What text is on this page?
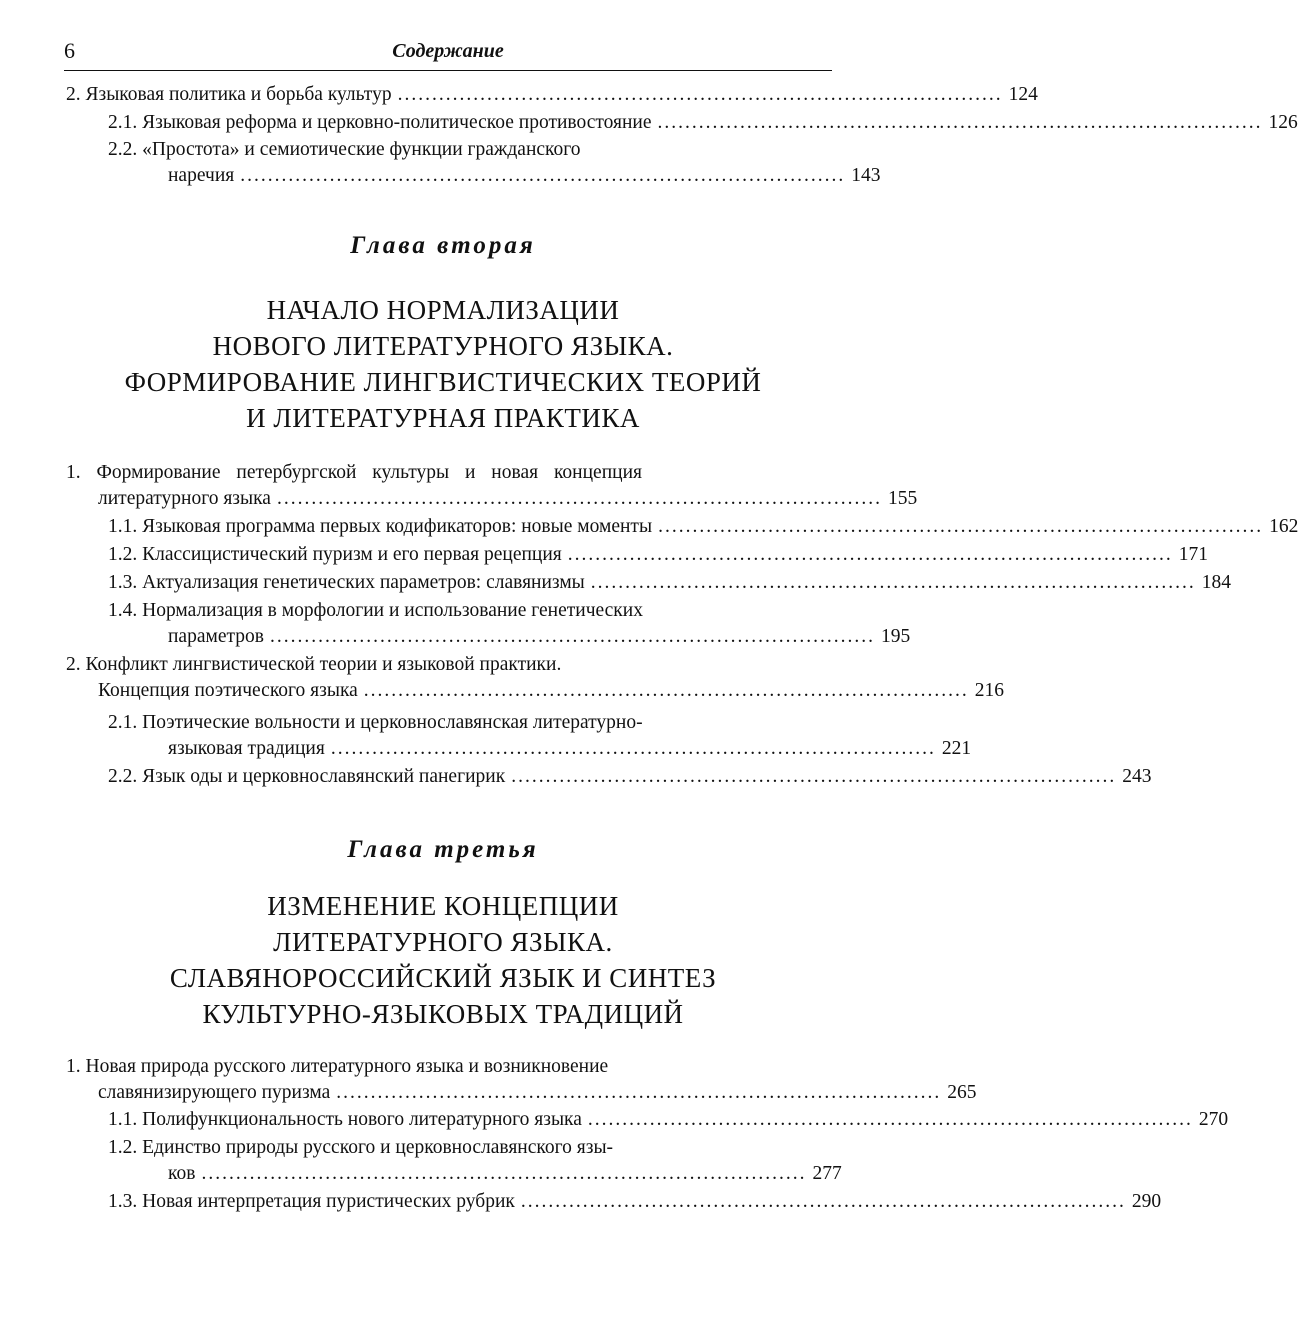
6	Содержание
2. Языковая политика и борьба культур ........................................................................................ 124
2.1. Языковая реформа и церковно-политическое противостояние ........................................................................................ 126
2.2. «Простота» и семиотические функции гражданского
наречия ........................................................................................ 143
Глава вторая
НАЧАЛО НОРМАЛИЗАЦИИ
НОВОГО ЛИТЕРАТУРНОГО ЯЗЫКА.
ФОРМИРОВАНИЕ ЛИНГВИСТИЧЕСКИХ ТЕОРИЙ
И ЛИТЕРАТУРНАЯ ПРАКТИКА
1. Формирование петербургской культуры и новая концепция
литературного языка ........................................................................................ 155
1.1. Языковая программа первых кодификаторов: новые моменты ........................................................................................ 162
1.2. Классицистический пуризм и его первая рецепция ........................................................................................ 171
1.3. Актуализация генетических параметров: славянизмы ........................................................................................ 184
1.4. Нормализация в морфологии и использование генетических
параметров ........................................................................................ 195
2. Конфликт лингвистической теории и языковой практики.
Концепция поэтического языка ........................................................................................ 216
2.1. Поэтические вольности и церковнославянская литературно-
языковая традиция ........................................................................................ 221
2.2. Язык оды и церковнославянский панегирик ........................................................................................ 243
Глава третья
ИЗМЕНЕНИЕ КОНЦЕПЦИИ
ЛИТЕРАТУРНОГО ЯЗЫКА.
СЛАВЯНОРОССИЙСКИЙ ЯЗЫК И СИНТЕЗ
КУЛЬТУРНО-ЯЗЫКОВЫХ ТРАДИЦИЙ
1. Новая природа русского литературного языка и возникновение
славянизирующего пуризма ........................................................................................ 265
1.1. Полифункциональность нового литературного языка ........................................................................................ 270
1.2. Единство природы русского и церковнославянского язы-
ков ........................................................................................ 277
1.3. Новая интерпретация пуристических рубрик ........................................................................................ 290
